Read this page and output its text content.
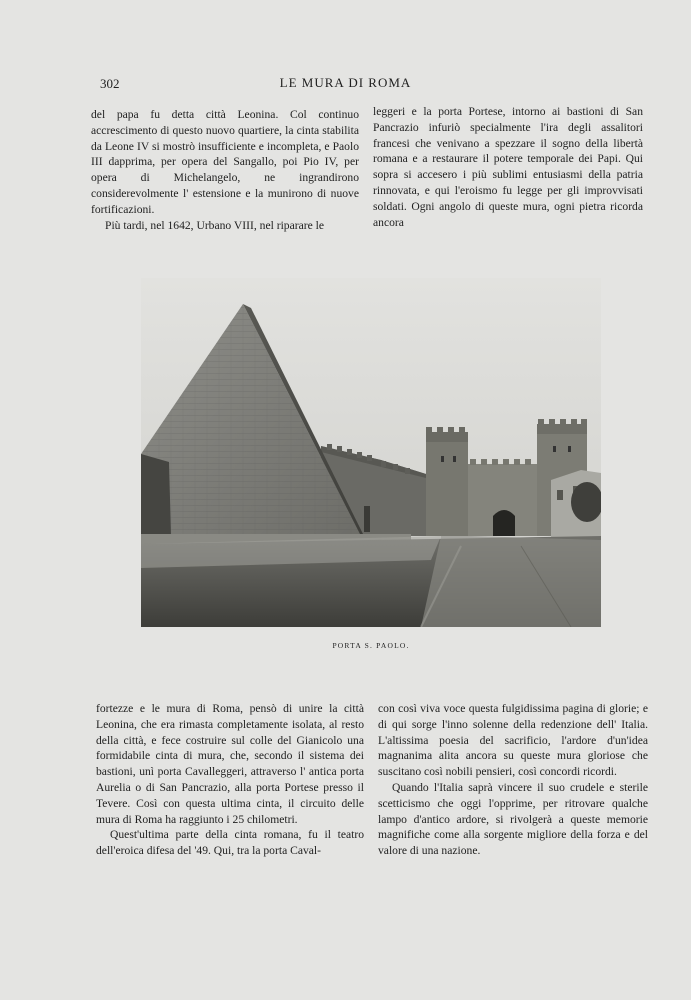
302	LE MURA DI ROMA

del papa fu detta città Leonina. Col continuo accrescimento di questo nuovo quartiere, la cinta stabilita da Leone IV si mostrò insufficiente e incompleta, e Paolo III dapprima, per opera del Sangallo, poi Pio IV, per opera di Michelangelo, ne ingrandirono considerevolmente l' estensione e la munirono di nuove fortificazioni.

Più tardi, nel 1642, Urbano VIII, nel riparare le

leggeri e la porta Portese, intorno ai bastioni di San Pancrazio infuriò specialmente l'ira degli assalitori francesi che venivano a spezzare il sogno della libertà romana e a restaurare il potere temporale dei Papi. Qui sopra si accesero i più sublimi entusiasmi della patria rinnovata, e qui l'eroismo fu legge per gli improvvisati soldati. Ogni angolo di queste mura, ogni pietra ricorda ancora

PORTA S. PAOLO.

fortezze e le mura di Roma, pensò di unire la città Leonina, che era rimasta completamente isolata, al resto della città, e fece costruire sul colle del Gianicolo una formidabile cinta di mura, che, secondo il sistema dei bastioni, unì porta Cavalleggeri, attraverso l' antica porta Aurelia o di San Pancrazio, alla porta Portese presso il Tevere. Così con questa ultima cinta, il circuito delle mura di Roma ha raggiunto i 25 chilometri.

Quest'ultima parte della cinta romana, fu il teatro dell'eroica difesa del '49. Qui, tra la porta Caval-

con così viva voce questa fulgidissima pagina di glorie; e di qui sorge l'inno solenne della redenzione dell' Italia. L'altissima poesia del sacrificio, l'ardore d'un'idea magnanima alita ancora su queste mura gloriose che suscitano così nobili pensieri, così concordi ricordi.

Quando l'Italia saprà vincere il suo crudele e sterile scetticismo che oggi l'opprime, per ritrovare qualche lampo d'antico ardore, si rivolgerà a queste memorie magnifiche come alla sorgente migliore della forza e del valore di una nazione.
